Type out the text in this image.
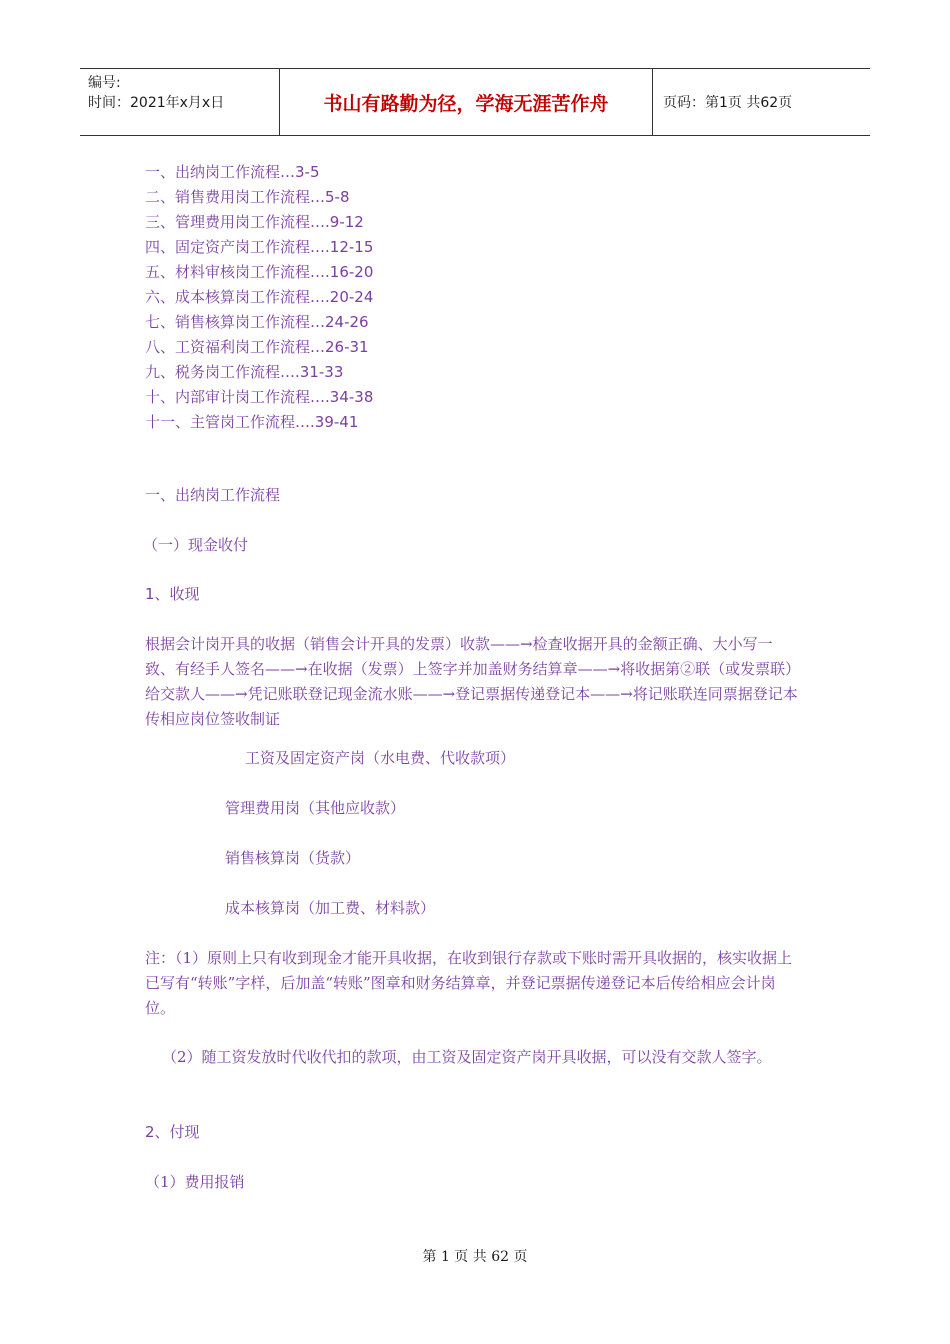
编号:
时间：2021年x月x日	书山有路勤为径，学海无涯苦作舟	页码：第1页 共62页
一、出纳岗工作流程…3-5
二、销售费用岗工作流程…5-8
三、管理费用岗工作流程….9-12
四、固定资产岗工作流程….12-15
五、材料审核岗工作流程….16-20
六、成本核算岗工作流程….20-24
七、销售核算岗工作流程…24-26
八、工资福利岗工作流程…26-31
九、税务岗工作流程….31-33
十、内部审计岗工作流程….34-38
十一、主管岗工作流程….39-41
一、出纳岗工作流程
（一）现金收付
1、收现
根据会计岗开具的收据（销售会计开具的发票）收款——→检查收据开具的金额正确、大小写一致、有经手人签名——→在收据（发票）上签字并加盖财务结算章——→将收据第②联（或发票联）给交款人——→凭记账联登记现金流水账——→登记票据传递登记本——→将记账联连同票据登记本传相应岗位签收制证
工资及固定资产岗（水电费、代收款项）
管理费用岗（其他应收款）
销售核算岗（货款）
成本核算岗（加工费、材料款）
注：（1）原则上只有收到现金才能开具收据，在收到银行存款或下账时需开具收据的，核实收据上已写有“转账”字样，后加盖“转账”图章和财务结算章，并登记票据传递登记本后传给相应会计岗位。
（2）随工资发放时代收代扣的款项，由工资及固定资产岗开具收据，可以没有交款人签字。
2、付现
（1）费用报销
第 1 页 共 62 页
